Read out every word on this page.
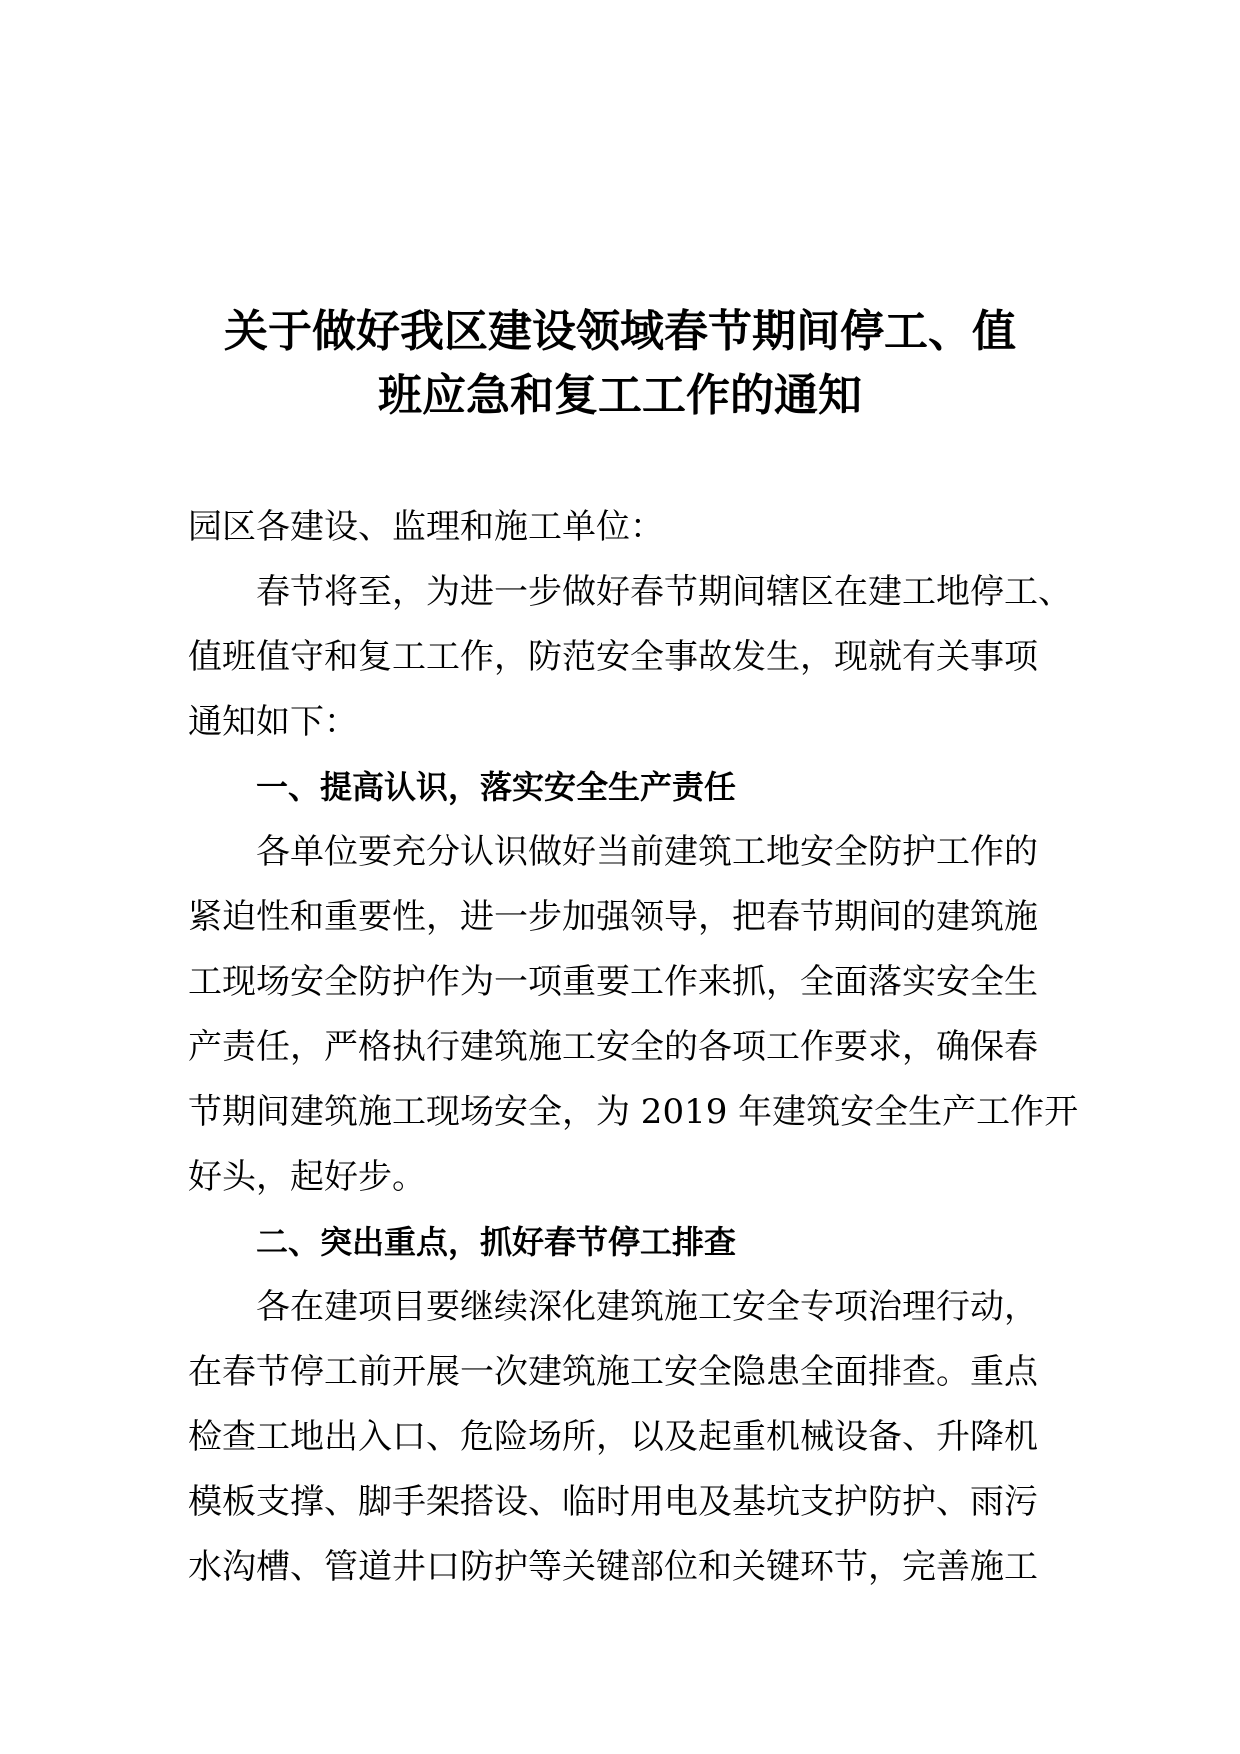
关于做好我区建设领域春节期间停工、值
班应急和复工工作的通知
园区各建设、监理和施工单位：
春节将至，为进一步做好春节期间辖区在建工地停工、
值班值守和复工工作，防范安全事故发生，现就有关事项
通知如下：
一、提高认识，落实安全生产责任
各单位要充分认识做好当前建筑工地安全防护工作的
紧迫性和重要性，进一步加强领导，把春节期间的建筑施
工现场安全防护作为一项重要工作来抓，全面落实安全生
产责任，严格执行建筑施工安全的各项工作要求，确保春
节期间建筑施工现场安全，为 2019 年建筑安全生产工作开
好头，起好步。
二、突出重点，抓好春节停工排查
各在建项目要继续深化建筑施工安全专项治理行动，
在春节停工前开展一次建筑施工安全隐患全面排查。重点
检查工地出入口、危险场所，以及起重机械设备、升降机
模板支撑、脚手架搭设、临时用电及基坑支护防护、雨污
水沟槽、管道井口防护等关键部位和关键环节，完善施工
